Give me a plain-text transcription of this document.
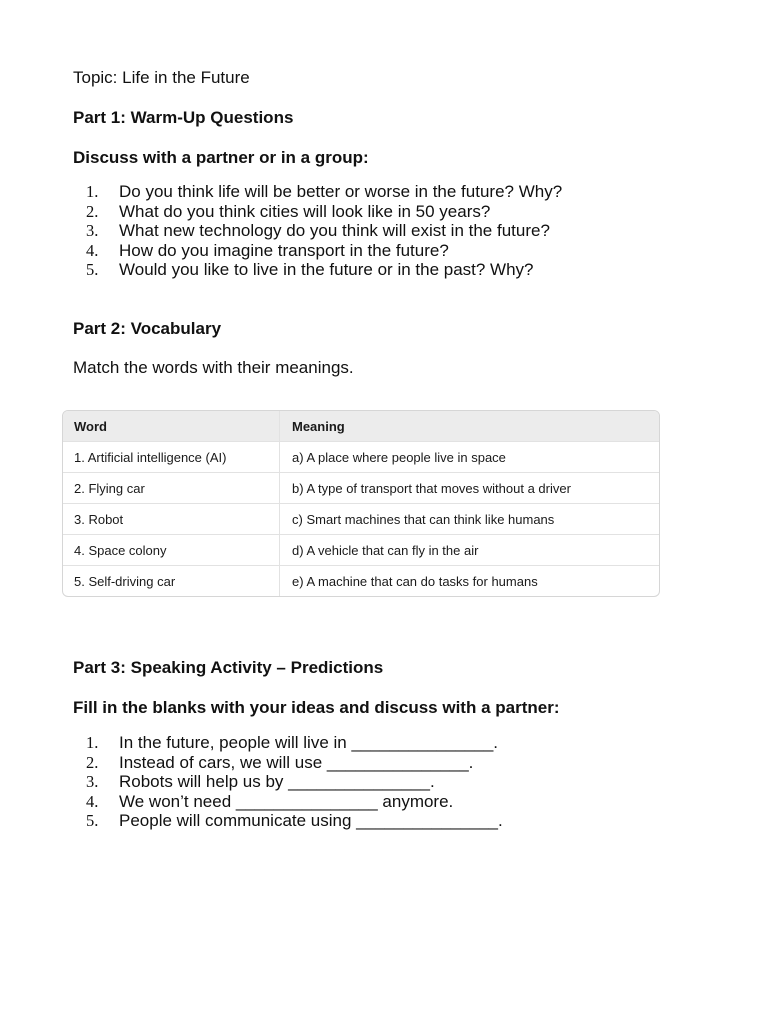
Topic: Life in the Future
Part 1: Warm-Up Questions
Discuss with a partner or in a group:
1.	Do you think life will be better or worse in the future? Why?
2.	What do you think cities will look like in 50 years?
3.	What new technology do you think will exist in the future?
4.	How do you imagine transport in the future?
5.	Would you like to live in the future or in the past? Why?
Part 2: Vocabulary
Match the words with their meanings.
Word	Meaning
1. Artificial intelligence (AI)	a) A place where people live in space
2. Flying car	b) A type of transport that moves without a driver
3. Robot	c) Smart machines that can think like humans
4. Space colony	d) A vehicle that can fly in the air
5. Self-driving car	e) A machine that can do tasks for humans
Part 3: Speaking Activity – Predictions
Fill in the blanks with your ideas and discuss with a partner:
1.	In the future, people will live in _______________.
2.	Instead of cars, we will use _______________.
3.	Robots will help us by _______________.
4.	We won’t need _______________ anymore.
5.	People will communicate using _______________.
